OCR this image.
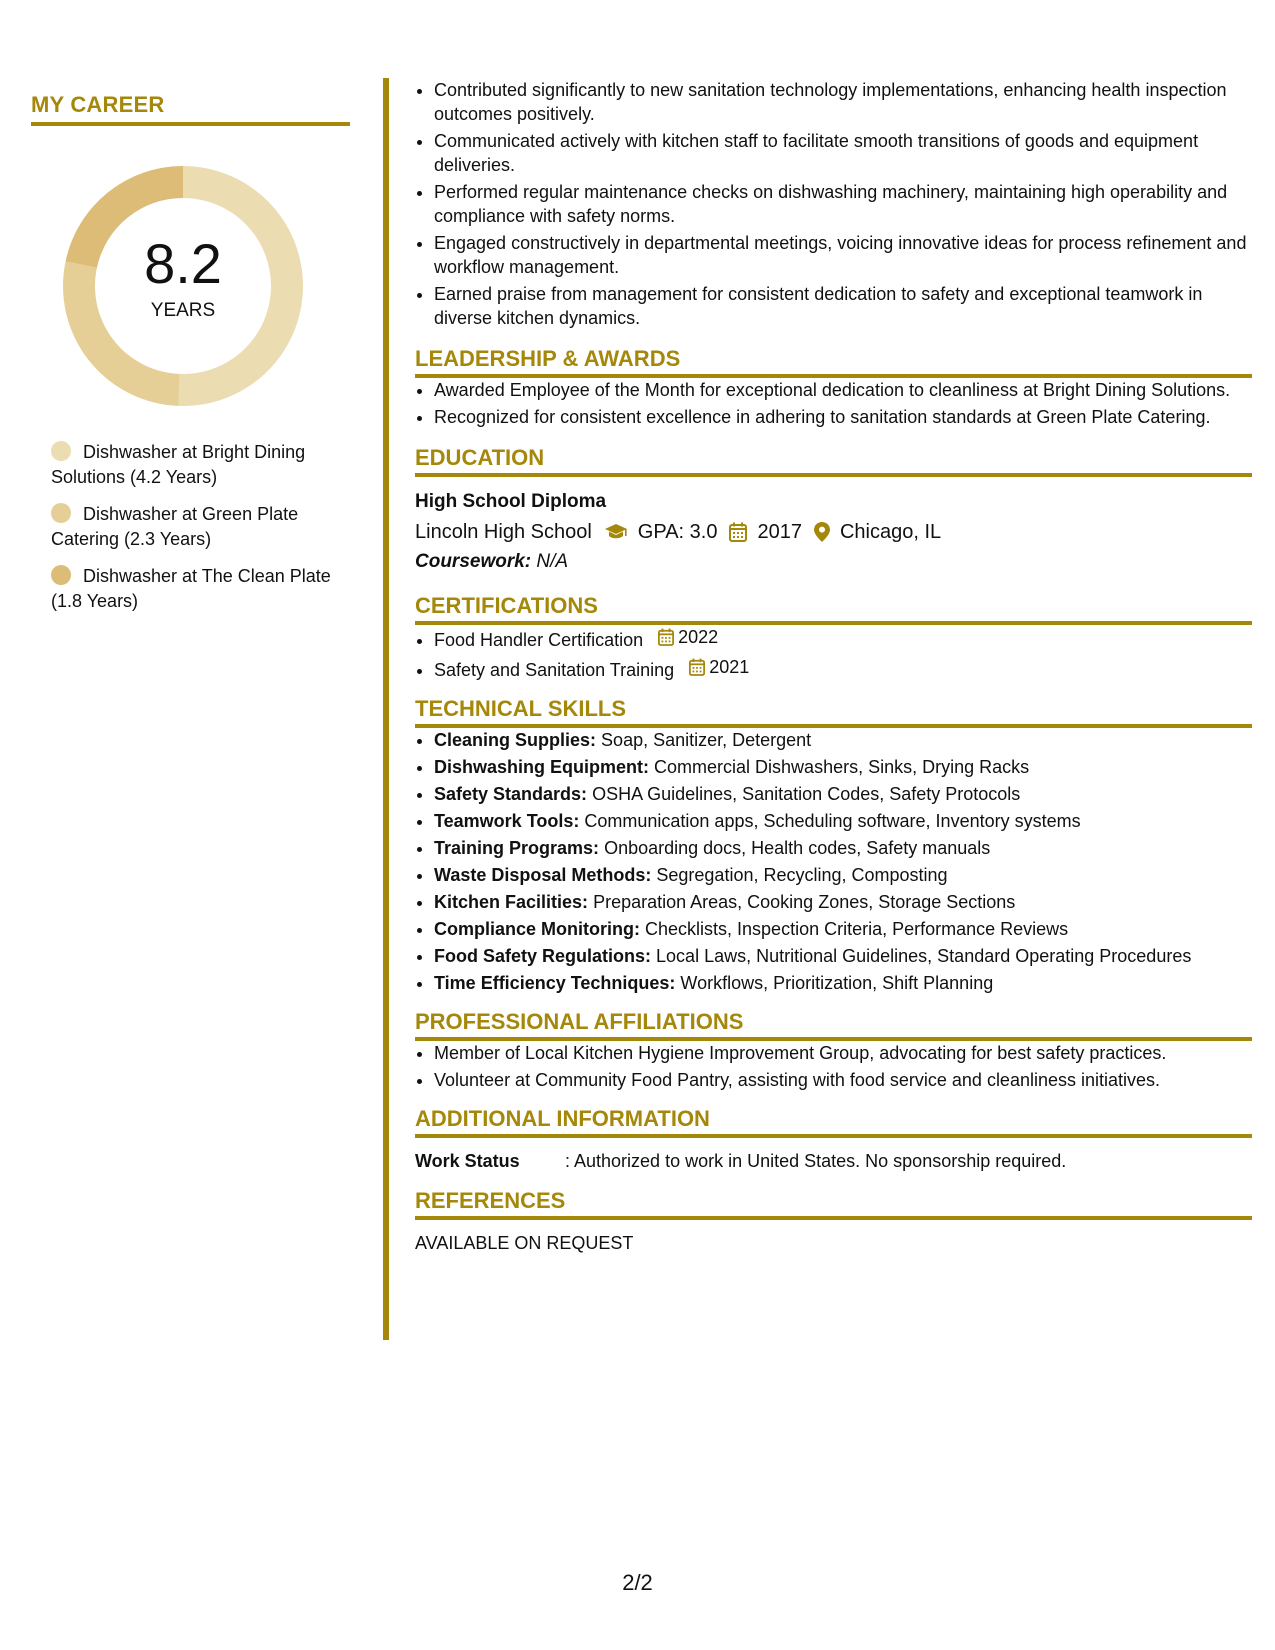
MY CAREER
8.2
YEARS
Dishwasher at Bright Dining Solutions (4.2 Years)
Dishwasher at Green Plate Catering (2.3 Years)
Dishwasher at The Clean Plate (1.8 Years)
• Contributed significantly to new sanitation technology implementations, enhancing health inspection outcomes positively.
• Communicated actively with kitchen staff to facilitate smooth transitions of goods and equipment deliveries.
• Performed regular maintenance checks on dishwashing machinery, maintaining high operability and compliance with safety norms.
• Engaged constructively in departmental meetings, voicing innovative ideas for process refinement and workflow management.
• Earned praise from management for consistent dedication to safety and exceptional teamwork in diverse kitchen dynamics.
LEADERSHIP & AWARDS
• Awarded Employee of the Month for exceptional dedication to cleanliness at Bright Dining Solutions.
• Recognized for consistent excellence in adhering to sanitation standards at Green Plate Catering.
EDUCATION
High School Diploma
Lincoln High School GPA: 3.0 2017 Chicago, IL
Coursework: N/A
CERTIFICATIONS
• Food Handler Certification 2022
• Safety and Sanitation Training 2021
TECHNICAL SKILLS
• Cleaning Supplies: Soap, Sanitizer, Detergent
• Dishwashing Equipment: Commercial Dishwashers, Sinks, Drying Racks
• Safety Standards: OSHA Guidelines, Sanitation Codes, Safety Protocols
• Teamwork Tools: Communication apps, Scheduling software, Inventory systems
• Training Programs: Onboarding docs, Health codes, Safety manuals
• Waste Disposal Methods: Segregation, Recycling, Composting
• Kitchen Facilities: Preparation Areas, Cooking Zones, Storage Sections
• Compliance Monitoring: Checklists, Inspection Criteria, Performance Reviews
• Food Safety Regulations: Local Laws, Nutritional Guidelines, Standard Operating Procedures
• Time Efficiency Techniques: Workflows, Prioritization, Shift Planning
PROFESSIONAL AFFILIATIONS
• Member of Local Kitchen Hygiene Improvement Group, advocating for best safety practices.
• Volunteer at Community Food Pantry, assisting with food service and cleanliness initiatives.
ADDITIONAL INFORMATION
Work Status	: Authorized to work in United States. No sponsorship required.
REFERENCES
AVAILABLE ON REQUEST
2/2
